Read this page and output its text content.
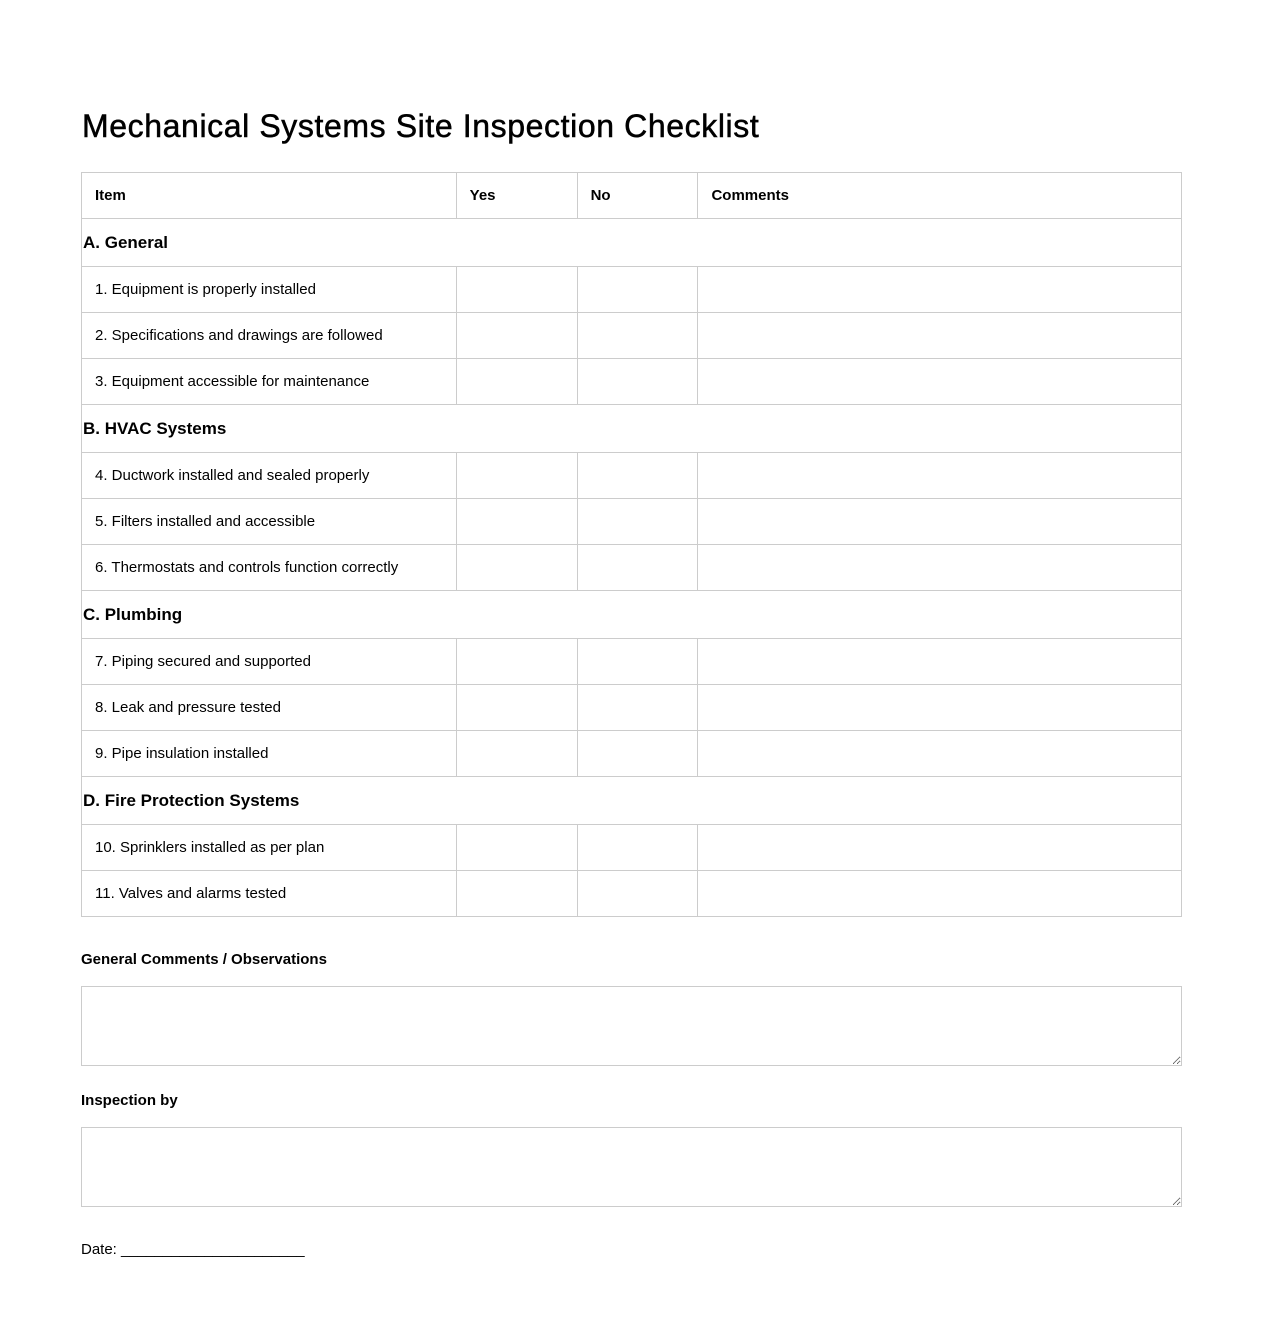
Mechanical Systems Site Inspection Checklist
Item	Yes	No	Comments
A. General			
1. Equipment is properly installed			
2. Specifications and drawings are followed			
3. Equipment accessible for maintenance			
B. HVAC Systems			
4. Ductwork installed and sealed properly			
5. Filters installed and accessible			
6. Thermostats and controls function correctly			
C. Plumbing			
7. Piping secured and supported			
8. Leak and pressure tested			
9. Pipe insulation installed			
D. Fire Protection Systems			
10. Sprinklers installed as per plan			
11. Valves and alarms tested			
General Comments / Observations
Inspection by
Date: ______________________
